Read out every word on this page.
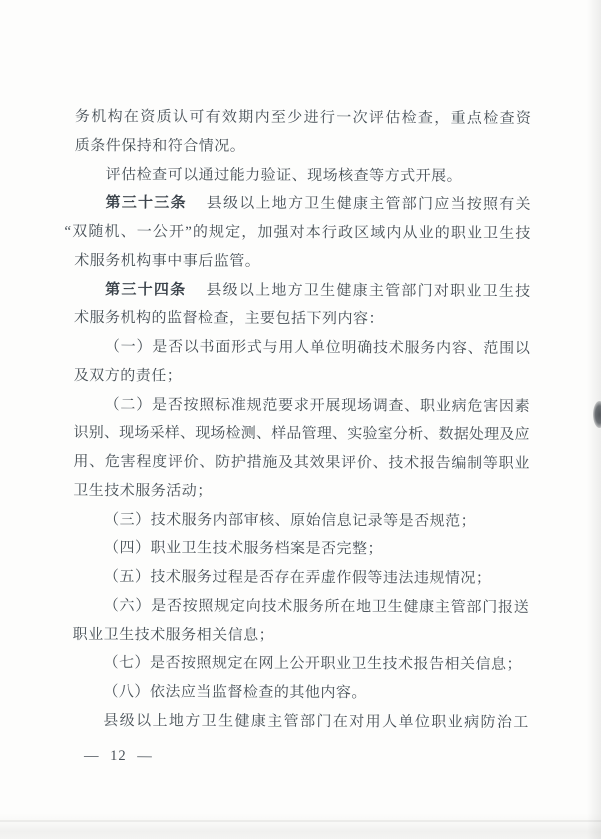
务机构在资质认可有效期内至少进行一次评估检查，重点检查资
质条件保持和符合情况。
评估检查可以通过能力验证、现场核查等方式开展。
第三十三条 县级以上地方卫生健康主管部门应当按照有关
“双随机、一公开”的规定，加强对本行政区域内从业的职业卫生技
术服务机构事中事后监管。
第三十四条 县级以上地方卫生健康主管部门对职业卫生技
术服务机构的监督检查，主要包括下列内容：
（一）是否以书面形式与用人单位明确技术服务内容、范围以
及双方的责任；
（二）是否按照标准规范要求开展现场调查、职业病危害因素
识别、现场采样、现场检测、样品管理、实验室分析、数据处理及应
用、危害程度评价、防护措施及其效果评价、技术报告编制等职业
卫生技术服务活动；
（三）技术服务内部审核、原始信息记录等是否规范；
（四）职业卫生技术服务档案是否完整；
（五）技术服务过程是否存在弄虚作假等违法违规情况；
（六）是否按照规定向技术服务所在地卫生健康主管部门报送
职业卫生技术服务相关信息；
（七）是否按照规定在网上公开职业卫生技术报告相关信息；
（八）依法应当监督检查的其他内容。
县级以上地方卫生健康主管部门在对用人单位职业病防治工
— 12 —
